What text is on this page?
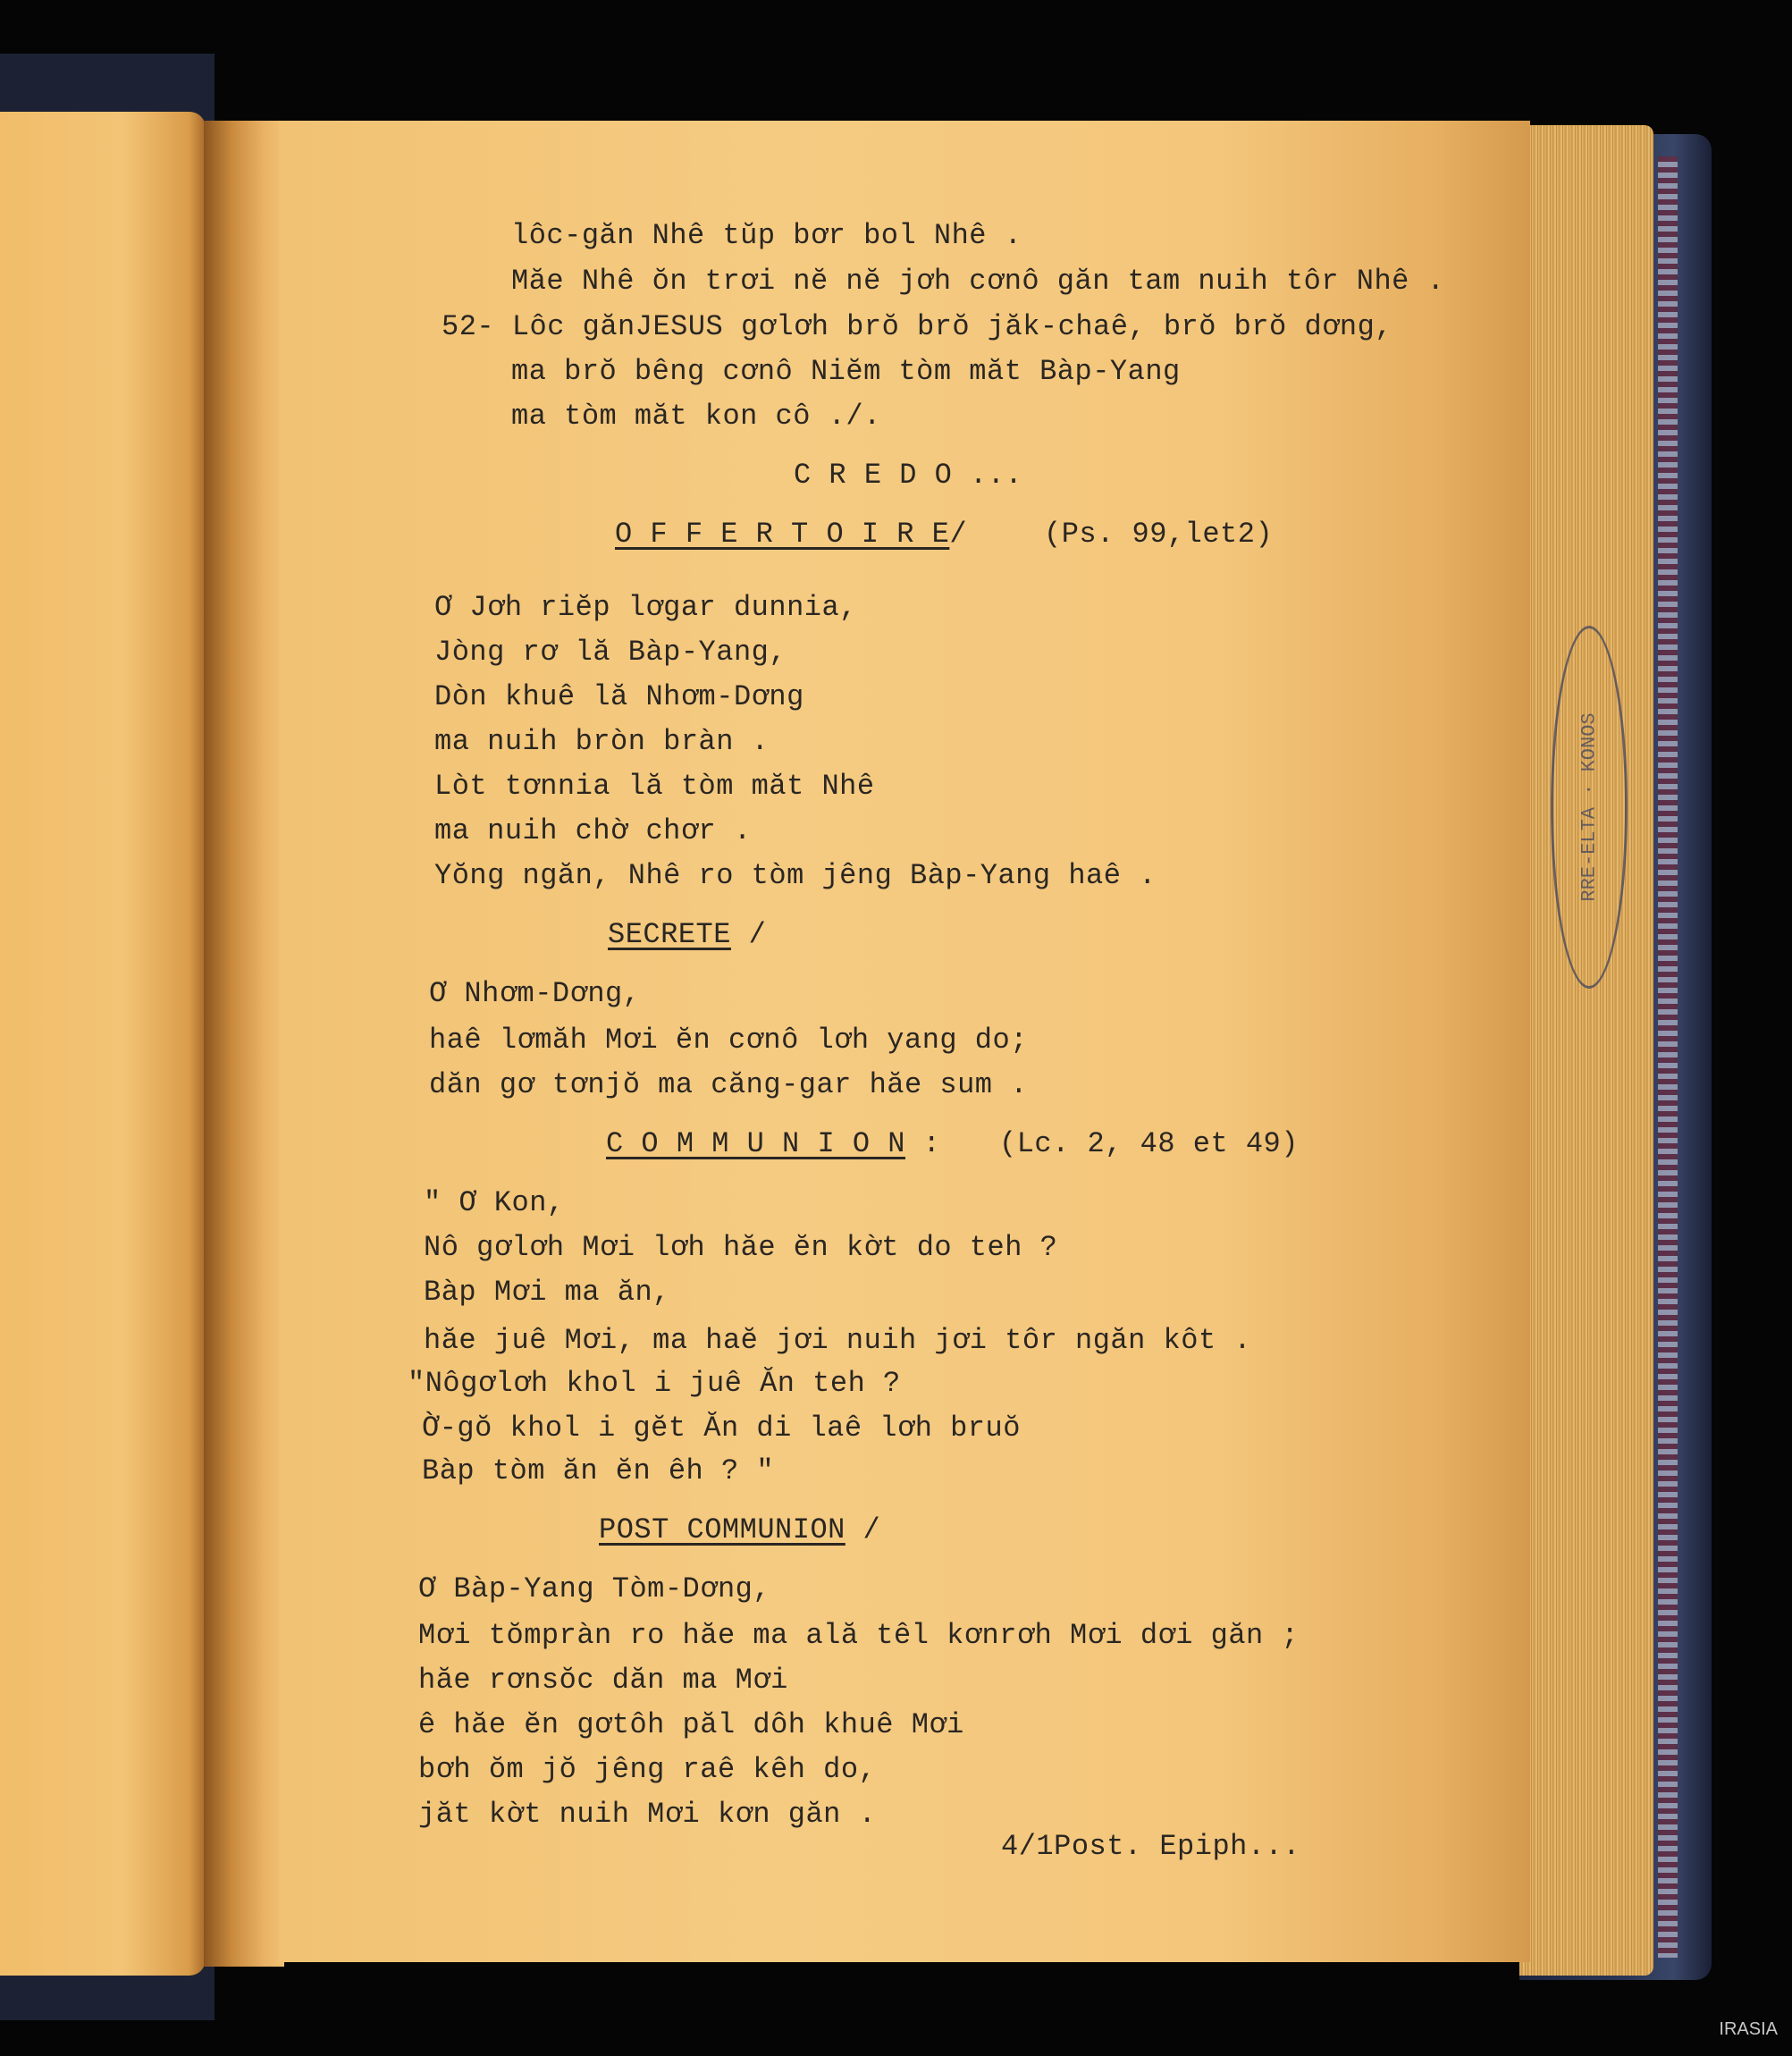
RRE-ELTA · KONOS

lôc-găn Nhê tŭp bơr bol Nhê .

Măe Nhê ŏn trơi nĕ nĕ jơh cơnô găn tam nuih tôr Nhê .

52- Lôc gănJESUS gơlơh brŏ brŏ jăk-chaê, brŏ brŏ dơng,

ma brŏ bêng cơnô Niĕm tòm măt Bàp-Yang

ma tòm măt kon cô ./.

C R E D O ...

O F F E R T O I R E/	(Ps. 99,let2)

Ơ Jơh riĕp lơgar dunnia,

Jòng rơ lă Bàp-Yang,

Dòn khuê lă Nhơm-Dơng

ma nuih bròn bràn .

Lòt tơnnia lă tòm măt Nhê

ma nuih chờ chơr .

Yŏng ngăn, Nhê ro tòm jêng Bàp-Yang haê .

SECRETE /

Ơ Nhơm-Dơng,

haê lơmăh Mơi ĕn cơnô lơh yang do;

dăn gơ tơnjŏ ma căng-gar hăe sum .

C O M M U N I O N : (Lc. 2, 48 et 49)

" Ơ Kon,

Nô gơlơh Mơi lơh hăe ĕn kờt do teh ?

Bàp Mơi ma ăn,

hăe juê Mơi, ma haĕ jơi nuih jơi tôr ngăn kôt .

"Nôgơlơh khol i juê Ăn teh ?

Ờ-gŏ khol i gĕt Ăn di laê lơh bruŏ

Bàp tòm ăn ĕn êh ? "

POST COMMUNION /

Ơ Bàp-Yang Tòm-Dơng,

Mơi tŏmpràn ro hăe ma ală têl kơnrơh Mơi dơi găn ;

hăe rơnsŏc dăn ma Mơi

ê hăe ĕn gơtôh păl dôh khuê Mơi

bơh ŏm jŏ jêng raê kêh do,

jăt kờt nuih Mơi kơn găn .

4/1Post. Epiph...

IRASIA
